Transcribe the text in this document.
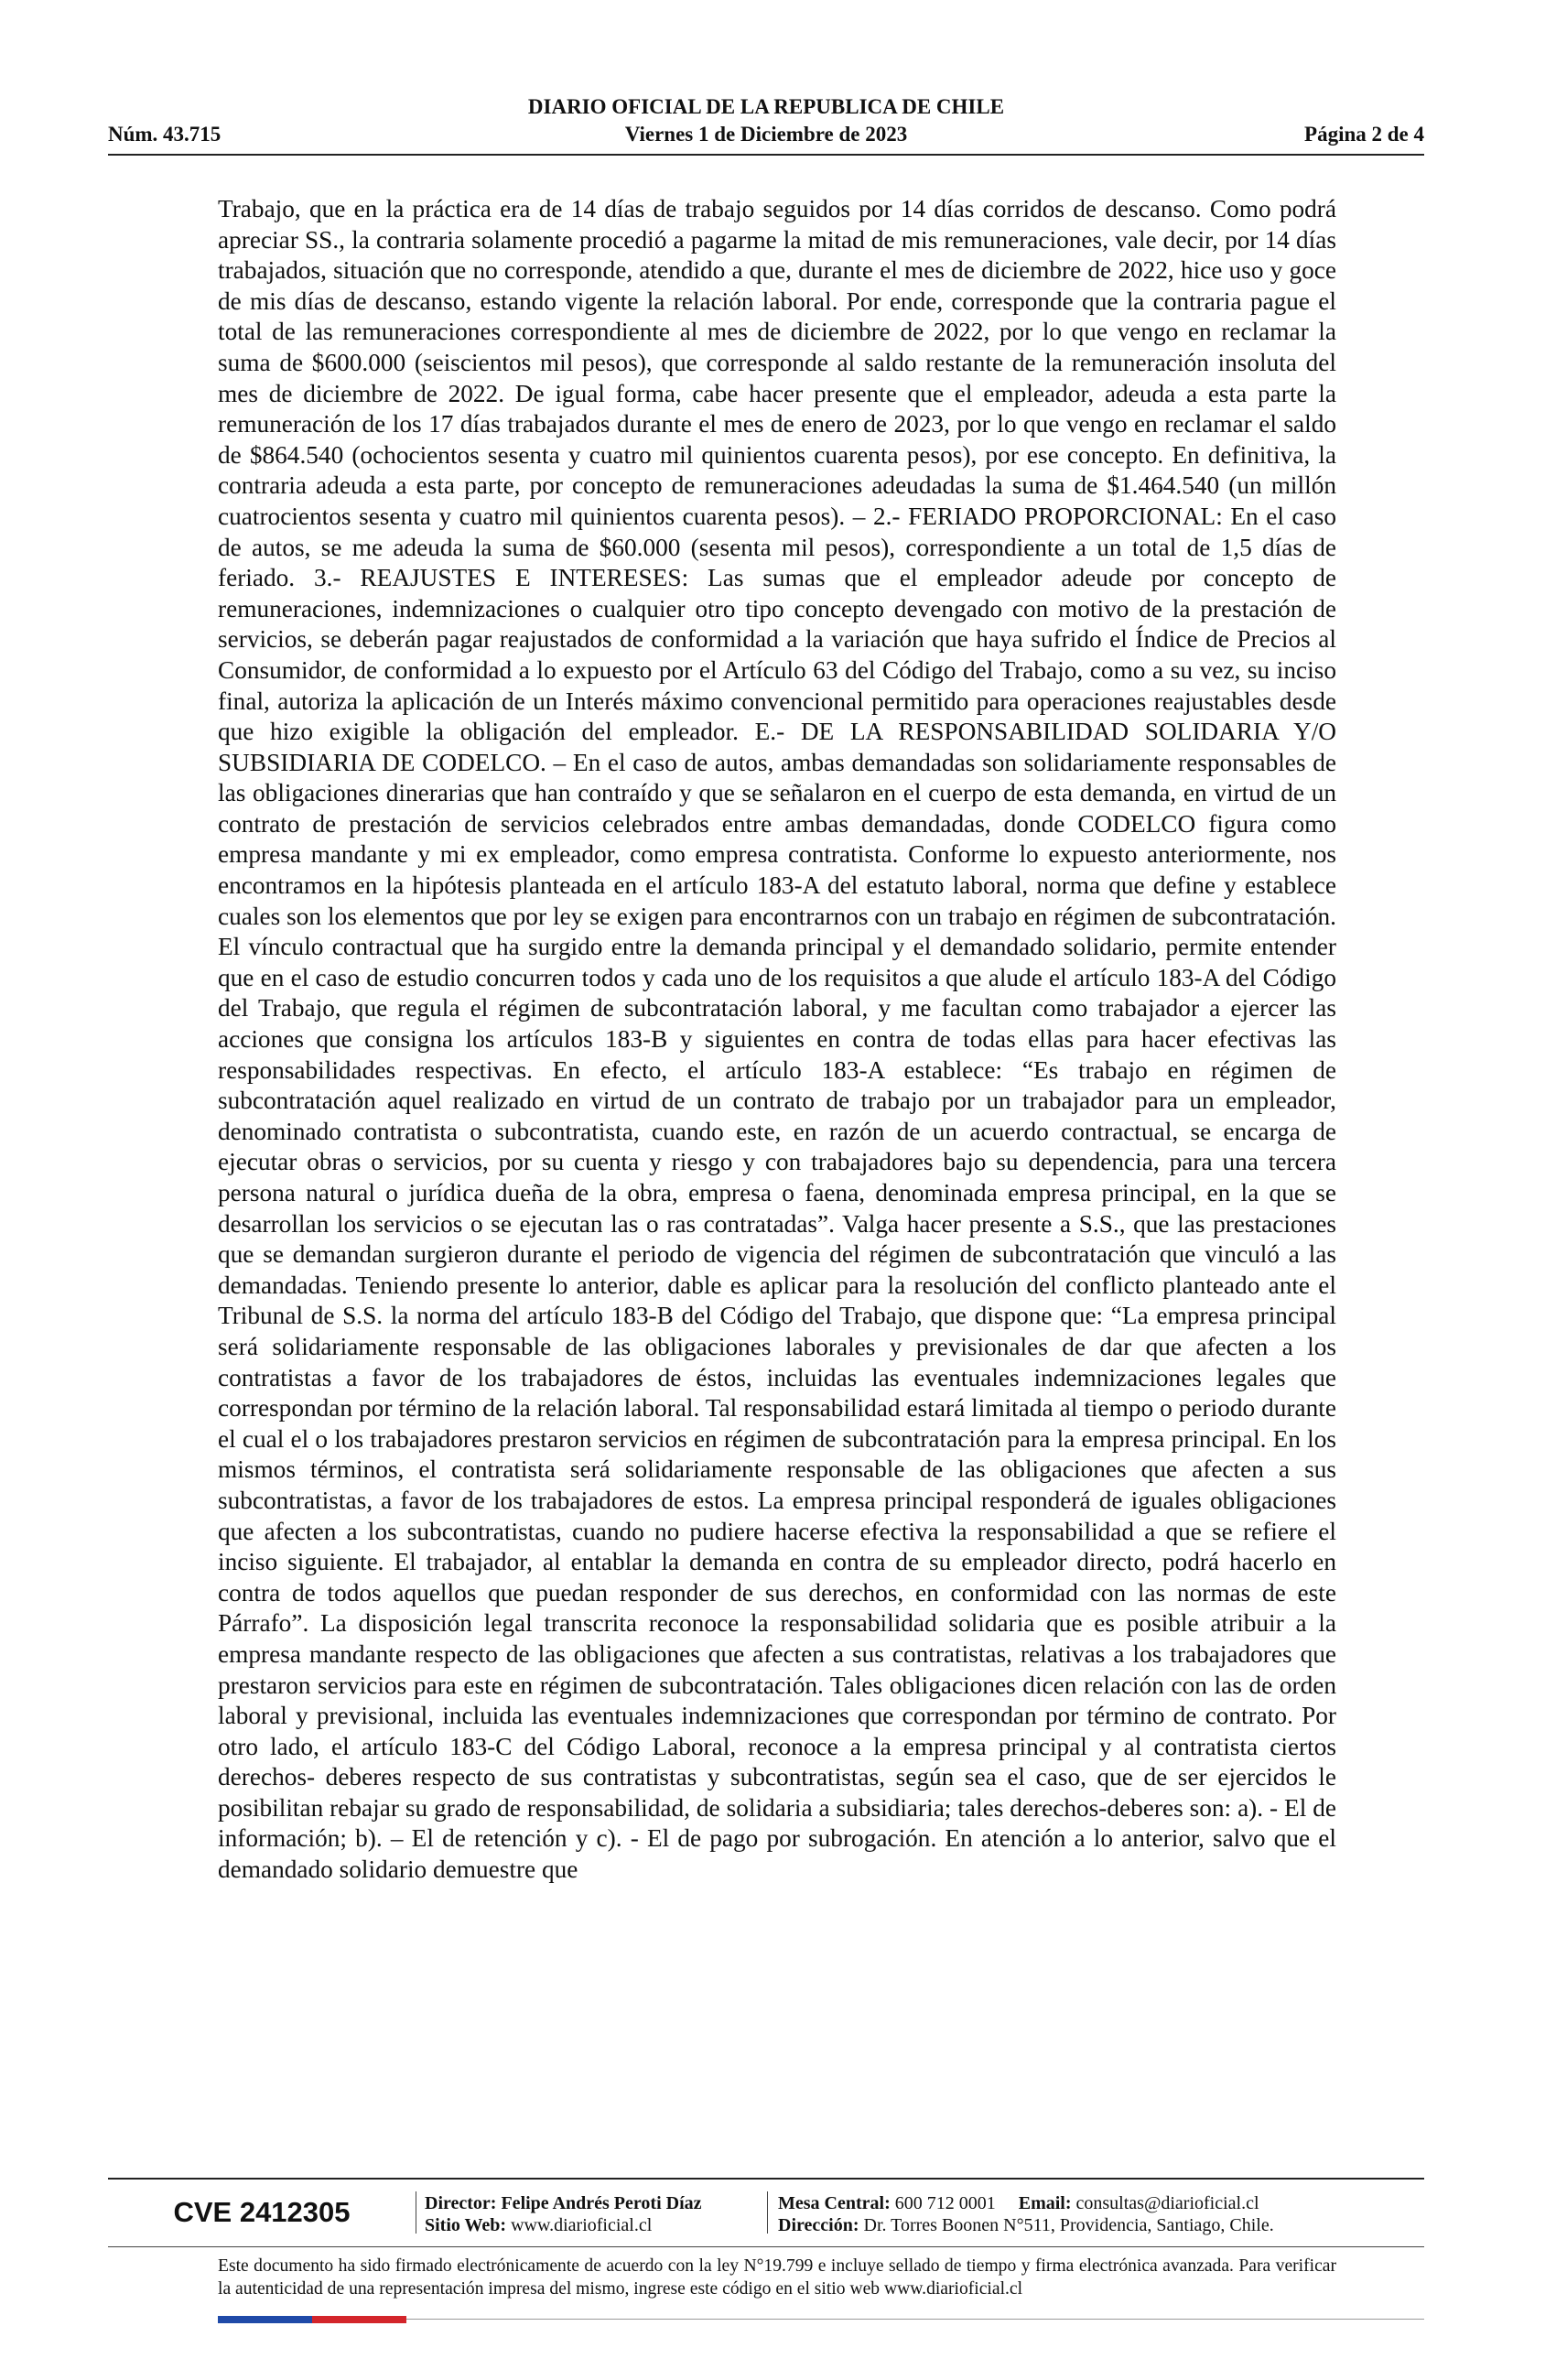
DIARIO OFICIAL DE LA REPUBLICA DE CHILE
Núm. 43.715	Viernes 1 de Diciembre de 2023	Página 2 de 4

Trabajo, que en la práctica era de 14 días de trabajo seguidos por 14 días corridos de descanso. Como podrá apreciar SS., la contraria solamente procedió a pagarme la mitad de mis remuneraciones, vale decir, por 14 días trabajados, situación que no corresponde, atendido a que, durante el mes de diciembre de 2022, hice uso y goce de mis días de descanso, estando vigente la relación laboral. Por ende, corresponde que la contraria pague el total de las remuneraciones correspondiente al mes de diciembre de 2022, por lo que vengo en reclamar la suma de $600.000 (seiscientos mil pesos), que corresponde al saldo restante de la remuneración insoluta del mes de diciembre de 2022. De igual forma, cabe hacer presente que el empleador, adeuda a esta parte la remuneración de los 17 días trabajados durante el mes de enero de 2023, por lo que vengo en reclamar el saldo de $864.540 (ochocientos sesenta y cuatro mil quinientos cuarenta pesos), por ese concepto. En definitiva, la contraria adeuda a esta parte, por concepto de remuneraciones adeudadas la suma de $1.464.540 (un millón cuatrocientos sesenta y cuatro mil quinientos cuarenta pesos). – 2.- FERIADO PROPORCIONAL: En el caso de autos, se me adeuda la suma de $60.000 (sesenta mil pesos), correspondiente a un total de 1,5 días de feriado. 3.- REAJUSTES E INTERESES: Las sumas que el empleador adeude por concepto de remuneraciones, indemnizaciones o cualquier otro tipo concepto devengado con motivo de la prestación de servicios, se deberán pagar reajustados de conformidad a la variación que haya sufrido el Índice de Precios al Consumidor, de conformidad a lo expuesto por el Artículo 63 del Código del Trabajo, como a su vez, su inciso final, autoriza la aplicación de un Interés máximo convencional permitido para operaciones reajustables desde que hizo exigible la obligación del empleador. E.- DE LA RESPONSABILIDAD SOLIDARIA Y/O SUBSIDIARIA DE CODELCO. – En el caso de autos, ambas demandadas son solidariamente responsables de las obligaciones dinerarias que han contraído y que se señalaron en el cuerpo de esta demanda, en virtud de un contrato de prestación de servicios celebrados entre ambas demandadas, donde CODELCO figura como empresa mandante y mi ex empleador, como empresa contratista. Conforme lo expuesto anteriormente, nos encontramos en la hipótesis planteada en el artículo 183-A del estatuto laboral, norma que define y establece cuales son los elementos que por ley se exigen para encontrarnos con un trabajo en régimen de subcontratación. El vínculo contractual que ha surgido entre la demanda principal y el demandado solidario, permite entender que en el caso de estudio concurren todos y cada uno de los requisitos a que alude el artículo 183-A del Código del Trabajo, que regula el régimen de subcontratación laboral, y me facultan como trabajador a ejercer las acciones que consigna los artículos 183-B y siguientes en contra de todas ellas para hacer efectivas las responsabilidades respectivas. En efecto, el artículo 183-A establece: “Es trabajo en régimen de subcontratación aquel realizado en virtud de un contrato de trabajo por un trabajador para un empleador, denominado contratista o subcontratista, cuando este, en razón de un acuerdo contractual, se encarga de ejecutar obras o servicios, por su cuenta y riesgo y con trabajadores bajo su dependencia, para una tercera persona natural o jurídica dueña de la obra, empresa o faena, denominada empresa principal, en la que se desarrollan los servicios o se ejecutan las o ras contratadas”. Valga hacer presente a S.S., que las prestaciones que se demandan surgieron durante el periodo de vigencia del régimen de subcontratación que vinculó a las demandadas. Teniendo presente lo anterior, dable es aplicar para la resolución del conflicto planteado ante el Tribunal de S.S. la norma del artículo 183-B del Código del Trabajo, que dispone que: “La empresa principal será solidariamente responsable de las obligaciones laborales y previsionales de dar que afecten a los contratistas a favor de los trabajadores de éstos, incluidas las eventuales indemnizaciones legales que correspondan por término de la relación laboral. Tal responsabilidad estará limitada al tiempo o periodo durante el cual el o los trabajadores prestaron servicios en régimen de subcontratación para la empresa principal. En los mismos términos, el contratista será solidariamente responsable de las obligaciones que afecten a sus subcontratistas, a favor de los trabajadores de estos. La empresa principal responderá de iguales obligaciones que afecten a los subcontratistas, cuando no pudiere hacerse efectiva la responsabilidad a que se refiere el inciso siguiente. El trabajador, al entablar la demanda en contra de su empleador directo, podrá hacerlo en contra de todos aquellos que puedan responder de sus derechos, en conformidad con las normas de este Párrafo”. La disposición legal transcrita reconoce la responsabilidad solidaria que es posible atribuir a la empresa mandante respecto de las obligaciones que afecten a sus contratistas, relativas a los trabajadores que prestaron servicios para este en régimen de subcontratación. Tales obligaciones dicen relación con las de orden laboral y previsional, incluida las eventuales indemnizaciones que correspondan por término de contrato. Por otro lado, el artículo 183-C del Código Laboral, reconoce a la empresa principal y al contratista ciertos derechos- deberes respecto de sus contratistas y subcontratistas, según sea el caso, que de ser ejercidos le posibilitan rebajar su grado de responsabilidad, de solidaria a subsidiaria; tales derechos-deberes son: a). - El de información; b). – El de retención y c). - El de pago por subrogación. En atención a lo anterior, salvo que el demandado solidario demuestre que

CVE 2412305	Director: Felipe Andrés Peroti Díaz
Sitio Web: www.diarioficial.cl
Mesa Central: 600 712 0001 Email: consultas@diarioficial.cl
Dirección: Dr. Torres Boonen N°511, Providencia, Santiago, Chile.
Este documento ha sido firmado electrónicamente de acuerdo con la ley N°19.799 e incluye sellado de tiempo y firma electrónica avanzada. Para verificar la autenticidad de una representación impresa del mismo, ingrese este código en el sitio web www.diarioficial.cl
